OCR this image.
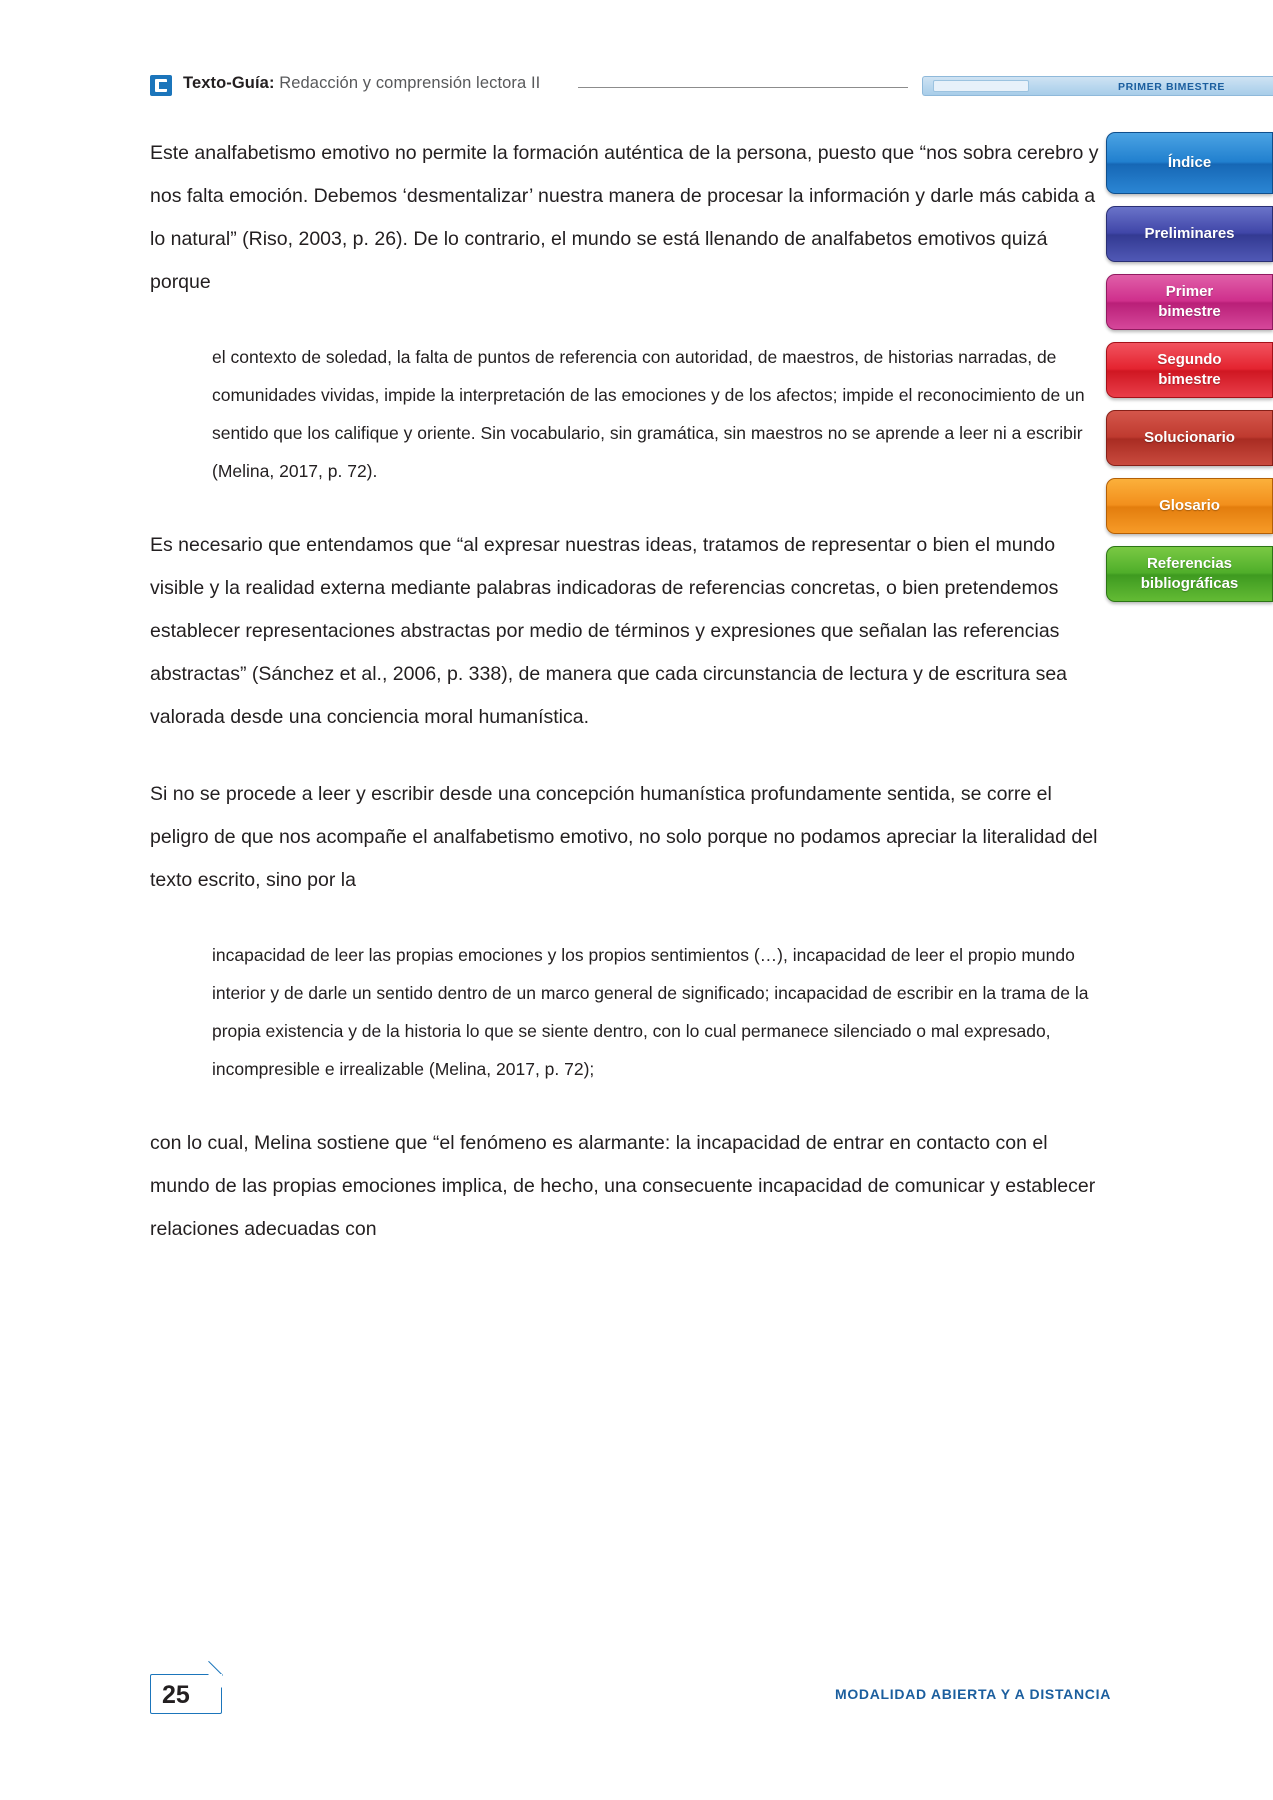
Texto-Guía: Redacción y comprensión lectora II	PRIMER BIMESTRE

Este analfabetismo emotivo no permite la formación auténtica de la persona, puesto que “nos sobra cerebro y nos falta emoción. Debemos ‘desmentalizar’ nuestra manera de procesar la información y darle más cabida a lo natural” (Riso, 2003, p. 26). De lo contrario, el mundo se está llenando de analfabetos emotivos quizá porque

el contexto de soledad, la falta de puntos de referencia con autoridad, de maestros, de historias narradas, de comunidades vividas, impide la interpretación de las emociones y de los afectos; impide el reconocimiento de un sentido que los califique y oriente. Sin vocabulario, sin gramática, sin maestros no se aprende a leer ni a escribir (Melina, 2017, p. 72).

Es necesario que entendamos que “al expresar nuestras ideas, tratamos de representar o bien el mundo visible y la realidad externa mediante palabras indicadoras de referencias concretas, o bien pretendemos establecer representaciones abstractas por medio de términos y expresiones que señalan las referencias abstractas” (Sánchez et al., 2006, p. 338), de manera que cada circunstancia de lectura y de escritura sea valorada desde una conciencia moral humanística.

Si no se procede a leer y escribir desde una concepción humanística profundamente sentida, se corre el peligro de que nos acompañe el analfabetismo emotivo, no solo porque no podamos apreciar la literalidad del texto escrito, sino por la

incapacidad de leer las propias emociones y los propios sentimientos (…), incapacidad de leer el propio mundo interior y de darle un sentido dentro de un marco general de significado; incapacidad de escribir en la trama de la propia existencia y de la historia lo que se siente dentro, con lo cual permanece silenciado o mal expresado, incompresible e irrealizable (Melina, 2017, p. 72);

con lo cual, Melina sostiene que “el fenómeno es alarmante: la incapacidad de entrar en contacto con el mundo de las propias emociones implica, de hecho, una consecuente incapacidad de comunicar y establecer relaciones adecuadas con

Índice
Preliminares
Primer
bimestre
Segundo
bimestre
Solucionario
Glosario
Referencias
bibliográficas
25	MODALIDAD ABIERTA Y A DISTANCIA
